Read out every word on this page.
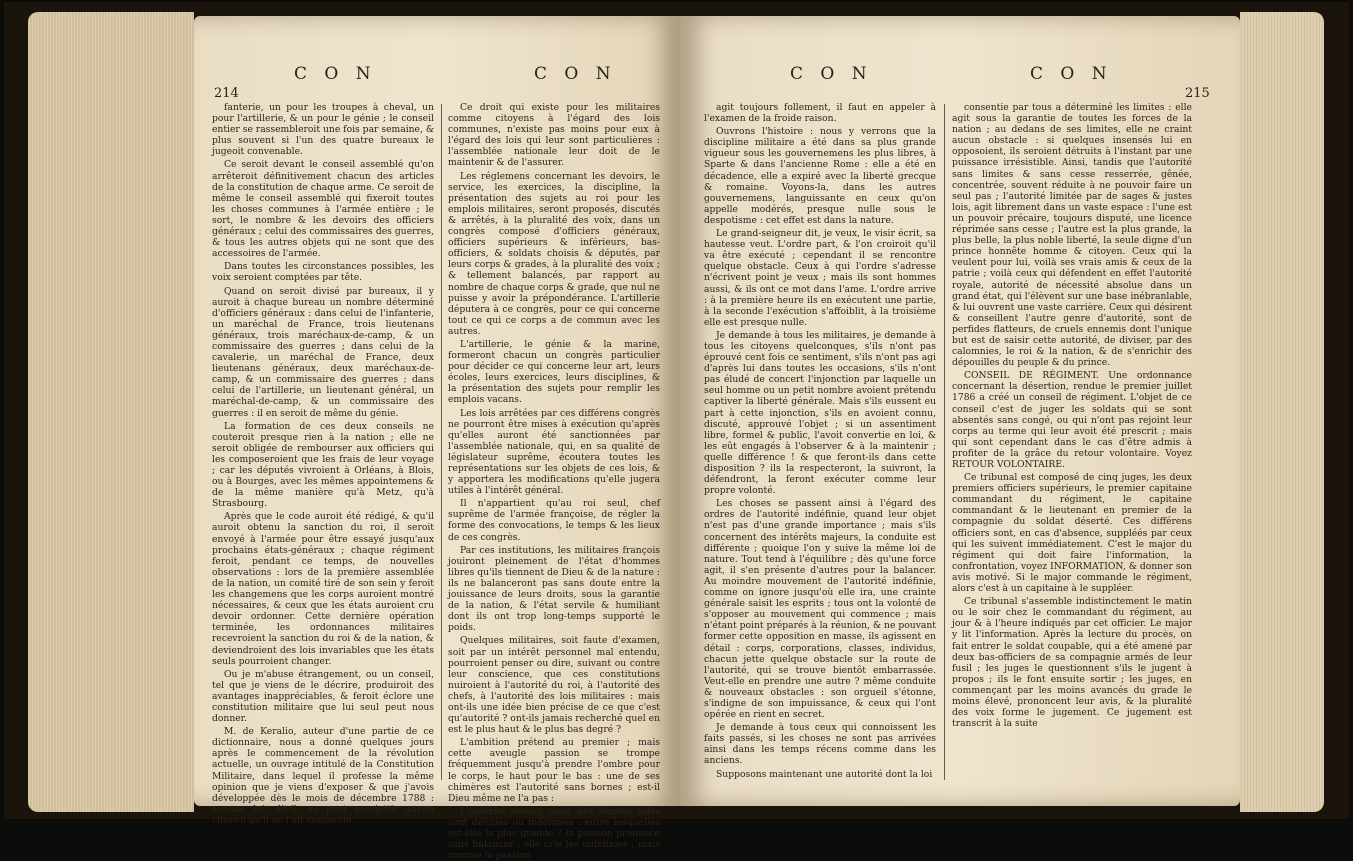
214
C O N	C O N

fanterie, un pour les troupes à cheval, un pour l'artillerie, & un pour le génie ; le conseil entier se rassembleroit une fois par semaine, & plus souvent si l'un des quatre bureaux le jugeoit convenable.

Ce seroit devant le conseil assemblé qu'on arrêteroit définitivement chacun des articles de la constitution de chaque arme. Ce seroit de même le conseil assemblé qui fixeroit toutes les choses communes à l'armée entière ; le sort, le nombre & les devoirs des officiers généraux ; celui des commissaires des guerres, & tous les autres objets qui ne sont que des accessoires de l'armée.

Dans toutes les circonstances possibles, les voix seroient comptées par tête.

Quand on seroit divisé par bureaux, il y auroit à chaque bureau un nombre déterminé d'officiers généraux : dans celui de l'infanterie, un maréchal de France, trois lieutenans généraux, trois maréchaux-de-camp, & un commissaire des guerres ; dans celui de la cavalerie, un maréchal de France, deux lieutenans généraux, deux maréchaux-de-camp, & un commissaire des guerres ; dans celui de l'artillerie, un lieutenant général, un maréchal-de-camp, & un commissaire des guerres : il en seroit de même du génie.

La formation de ces deux conseils ne couteroit presque rien à la nation ; elle ne seroit obligée de rembourser aux officiers qui les composeroient que les frais de leur voyage ; car les députés vivroient à Orléans, à Blois, ou à Bourges, avec les mêmes appointemens & de la même manière qu'à Metz, qu'à Strasbourg.

Après que le code auroit été rédigé, & qu'il auroit obtenu la sanction du roi, il seroit envoyé à l'armée pour être essayé jusqu'aux prochains états-généraux ; chaque régiment feroit, pendant ce temps, de nouvelles observations : lors de la première assemblée de la nation, un comité tiré de son sein y feroit les changemens que les corps auroient montré nécessaires, & ceux que les états auroient cru devoir ordonner. Cette dernière opération terminée, les ordonnances militaires recevroient la sanction du roi & de la nation, & deviendroient des lois invariables que les états seuls pourroient changer.

Ou je m'abuse étrangement, ou un conseil, tel que je viens de le décrire, produiroit des avantages inappréciables, & feroit éclore une constitution militaire que lui seul peut nous donner.

M. de Keralio, auteur d'une partie de ce dictionnaire, nous a donné quelques jours après le commencement de la révolution actuelle, un ouvrage intitulé de la Constitution Militaire, dans lequel il professe la même opinion que je viens d'exposer & que j'avois développée dès le mois de décembre 1788 : aucune loi, dit-il, ne peut assujettir aucun citoyen qu'il ne l'ait consentie.

Ce droit qui existe pour les militaires comme citoyens à l'égard des lois communes, n'existe pas moins pour eux à l'égard des lois qui leur sont particulières : l'assemblée nationale leur doit de le maintenir & de l'assurer.

Les réglemens concernant les devoirs, le service, les exercices, la discipline, la présentation des sujets au roi pour les emplois militaires, seront proposés, discutés & arrêtés, à la pluralité des voix, dans un congrès composé d'officiers généraux, officiers supérieurs & inférieurs, bas-officiers, & soldats choisis & députés, par leurs corps & grades, à la pluralité des voix ; & tellement balancés, par rapport au nombre de chaque corps & grade, que nul ne puisse y avoir la prépondérance. L'artillerie députera à ce congrès, pour ce qui concerne tout ce qui ce corps a de commun avec les autres.

L'artillerie, le génie & la marine, formeront chacun un congrès particulier pour décider ce qui concerne leur art, leurs écoles, leurs exercices, leurs disciplines, & la présentation des sujets pour remplir les emplois vacans.

Les lois arrêtées par ces différens congrès ne pourront être mises à exécution qu'après qu'elles auront été sanctionnées par l'assemblée nationale, qui, en sa qualité de législateur suprême, écoutera toutes les représentations sur les objets de ces lois, & y apportera les modifications qu'elle jugera utiles à l'intérêt général.

Il n'appartient qu'au roi seul, chef suprême de l'armée françoise, de régler la forme des convocations, le temps & les lieux de ces congrès.

Par ces institutions, les militaires françois jouiront pleinement de l'état d'hommes libres qu'ils tiennent de Dieu & de la nature : ils ne balanceront pas sans doute entre la jouissance de leurs droits, sous la garantie de la nation, & l'état servile & humiliant dont ils ont trop long-temps supporté le poids.

Quelques militaires, soit faute d'examen, soit par un intérêt personnel mal entendu, pourroient penser ou dire, suivant ou contre leur conscience, que ces constitutions nuiroient à l'autorité du roi, à l'autorité des chefs, à l'autorité des lois militaires : mais ont-ils une idée bien précise de ce que c'est qu'autorité ? ont-ils jamais recherché quel en est le plus haut & le plus bas degré ?

L'ambition prétend au premier ; mais cette aveugle passion se trompe fréquemment jusqu'à prendre l'ombre pour le corps, le haut pour le bas : une de ses chimères est l'autorité sans bornes ; est-il Dieu même ne l'a pas :

L'autorité devant avoir des limites, elles sont définies ou indéfinies : entre lesquelles est-elle la plus grande ? la passion prononce sans balancer ; elle crie les indéfinies ; mais comme la passion

C O N	C O N
215

agit toujours follement, il faut en appeler à l'examen de la froide raison.

Ouvrons l'histoire : nous y verrons que la discipline militaire a été dans sa plus grande vigueur sous les gouvernemens les plus libres, à Sparte & dans l'ancienne Rome : elle a été en décadence, elle a expiré avec la liberté grecque & romaine. Voyons-la, dans les autres gouvernemens, languissante en ceux qu'on appelle modérés, presque nulle sous le despotisme : cet effet est dans la nature.

Le grand-seigneur dit, je veux, le visir écrit, sa hautesse veut. L'ordre part, & l'on croiroit qu'il va être exécuté ; cependant il se rencontre quelque obstacle. Ceux à qui l'ordre s'adresse n'écrivent point je veux ; mais ils sont hommes aussi, & ils ont ce mot dans l'ame. L'ordre arrive : à la première heure ils en exécutent une partie, à la seconde l'exécution s'affoiblit, à la troisième elle est presque nulle.

Je demande à tous les militaires, je demande à tous les citoyens quelconques, s'ils n'ont pas éprouvé cent fois ce sentiment, s'ils n'ont pas agi d'après lui dans toutes les occasions, s'ils n'ont pas éludé de concert l'injonction par laquelle un seul homme ou un petit nombre avoient prétendu captiver la liberté générale. Mais s'ils eussent eu part à cette injonction, s'ils en avoient connu, discuté, approuvé l'objet ; si un assentiment libre, formel & public, l'avoit convertie en loi, & les eût engagés à l'observer & à la maintenir ; quelle différence ! & que feront-ils dans cette disposition ? ils la respecteront, la suivront, la défendront, la feront exécuter comme leur propre volonté.

Les choses se passent ainsi à l'égard des ordres de l'autorité indéfinie, quand leur objet n'est pas d'une grande importance ; mais s'ils concernent des intérêts majeurs, la conduite est différente ; quoique l'on y suive la même loi de nature. Tout tend à l'équilibre ; dès qu'une force agit, il s'en présente d'autres pour la balancer. Au moindre mouvement de l'autorité indéfinie, comme on ignore jusqu'où elle ira, une crainte générale saisit les esprits ; tous ont la volonté de s'opposer au mouvement qui commence ; mais n'étant point préparés à la réunion, & ne pouvant former cette opposition en masse, ils agissent en détail : corps, corporations, classes, individus, chacun jette quelque obstacle sur la route de l'autorité, qui se trouve bientôt embarrassée. Veut-elle en prendre une autre ? même conduite & nouveaux obstacles : son orgueil s'étonne, s'indigne de son impuissance, & ceux qui l'ont opérée en rient en secret.

Je demande à tous ceux qui connoissent les faits passés, si les choses ne sont pas arrivées ainsi dans les temps récens comme dans les anciens.

Supposons maintenant une autorité dont la loi

consentie par tous a déterminé les limites : elle agit sous la garantie de toutes les forces de la nation ; au dedans de ses limites, elle ne craint aucun obstacle : si quelques insensés lui en opposoient, ils seroient détruits à l'instant par une puissance irrésistible. Ainsi, tandis que l'autorité sans limites & sans cesse resserrée, gênée, concentrée, souvent réduite à ne pouvoir faire un seul pas ; l'autorité limitée par de sages & justes lois, agit librement dans un vaste espace : l'une est un pouvoir précaire, toujours disputé, une licence réprimée sans cesse ; l'autre est la plus grande, la plus belle, la plus noble liberté, la seule digne d'un prince honnête homme & citoyen. Ceux qui la veulent pour lui, voilà ses vrais amis & ceux de la patrie ; voilà ceux qui défendent en effet l'autorité royale, autorité de nécessité absolue dans un grand état, qui l'élèvent sur une base inébranlable, & lui ouvrent une vaste carrière. Ceux qui désirent & conseillent l'autre genre d'autorité, sont de perfides flatteurs, de cruels ennemis dont l'unique but est de saisir cette autorité, de diviser, par des calomnies, le roi & la nation, & de s'enrichir des dépouilles du peuple & du prince.

CONSEIL DE RÉGIMENT. Une ordonnance concernant la désertion, rendue le premier juillet 1786 a créé un conseil de régiment. L'objet de ce conseil c'est de juger les soldats qui se sont absentés sans congé, ou qui n'ont pas rejoint leur corps au terme qui leur avoit été prescrit ; mais qui sont cependant dans le cas d'être admis à profiter de la grâce du retour volontaire. Voyez RETOUR VOLONTAIRE.

Ce tribunal est composé de cinq juges, les deux premiers officiers supérieurs, le premier capitaine commandant du régiment, le capitaine commandant & le lieutenant en premier de la compagnie du soldat déserté. Ces différens officiers sont, en cas d'absence, suppléés par ceux qui les suivent immédiatement. C'est le major du régiment qui doit faire l'information, la confrontation, voyez INFORMATION, & donner son avis motivé. Si le major commande le régiment, alors c'est à un capitaine à le suppléer.

Ce tribunal s'assemble indistinctement le matin ou le soir chez le commandant du régiment, au jour & à l'heure indiqués par cet officier. Le major y lit l'information. Après la lecture du procès, on fait entrer le soldat coupable, qui a été amené par deux bas-officiers de sa compagnie armés de leur fusil ; les juges le questionnent s'ils le jugent à propos ; ils le font ensuite sortir ; les juges, en commençant par les moins avancés du grade le moins élevé, prononcent leur avis, & la pluralité des voix forme le jugement. Ce jugement est transcrit à la suite
